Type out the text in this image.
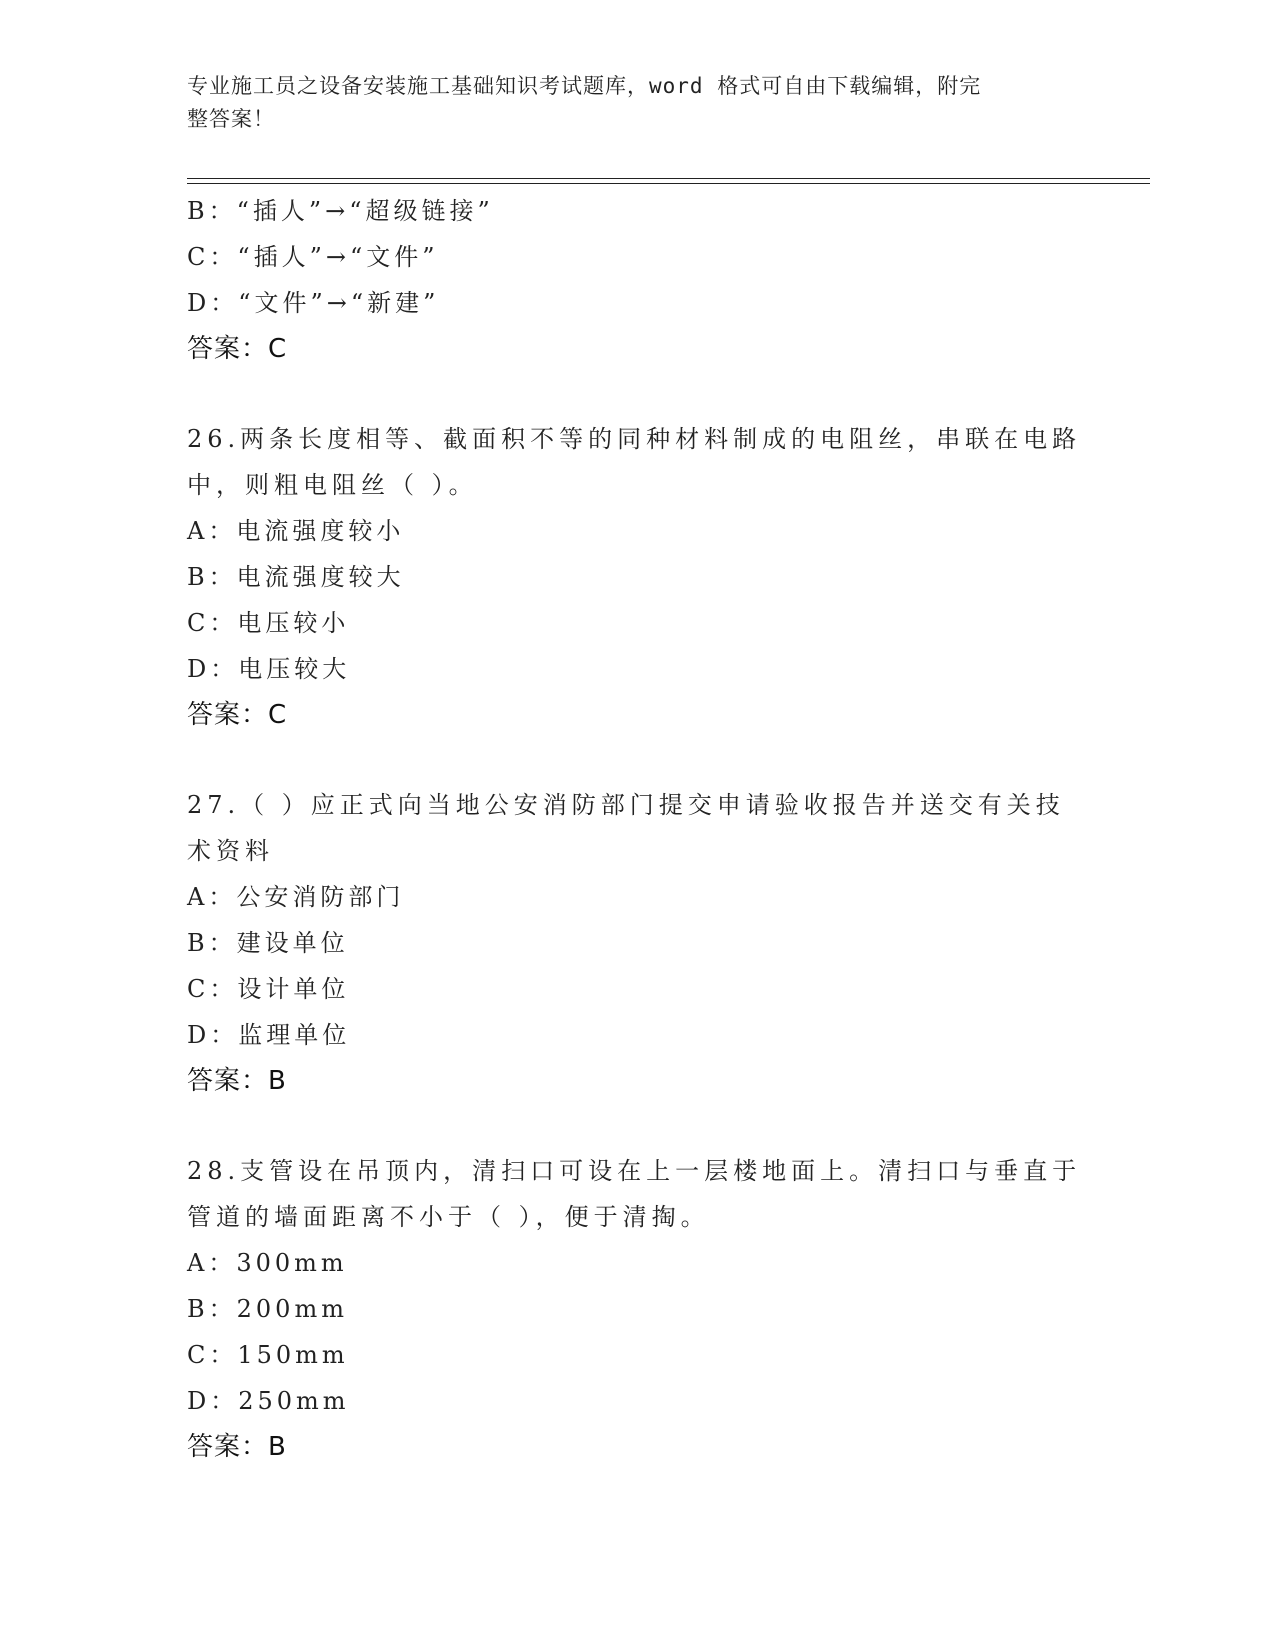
专业施工员之设备安装施工基础知识考试题库，word 格式可自由下载编辑，附完
整答案！
B：“插人”→“超级链接”
C：“插人”→“文件”
D：“文件”→“新建”
答案：C
26.两条长度相等、截面积不等的同种材料制成的电阻丝，串联在电路
中，则粗电阻丝（ ）。
A：电流强度较小
B：电流强度较大
C：电压较小
D：电压较大
答案：C
27.（ ）应正式向当地公安消防部门提交申请验收报告并送交有关技
术资料
A：公安消防部门
B：建设单位
C：设计单位
D：监理单位
答案：B
28.支管设在吊顶内，清扫口可设在上一层楼地面上。清扫口与垂直于
管道的墙面距离不小于（ ），便于清掏。
A：300mm
B：200mm
C：150mm
D：250mm
答案：B
